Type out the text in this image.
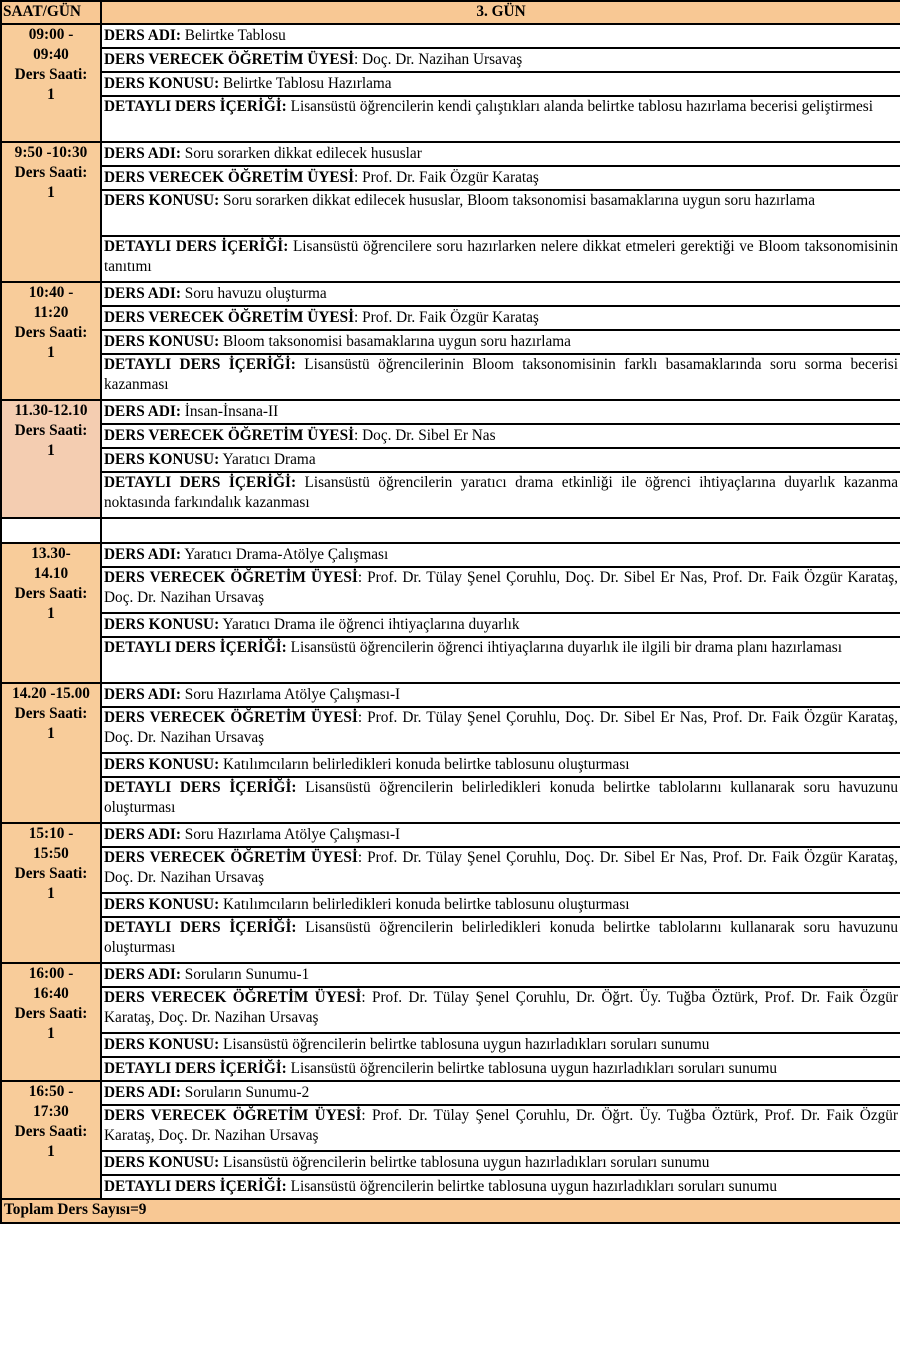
SAAT/GÜN	3. GÜN

09:00 -
09:40
Ders Saati:
1	DERS ADI: Belirtke Tablosu
	DERS VERECEK ÖĞRETİM ÜYESİ: Doç. Dr. Nazihan Ursavaş
	DERS KONUSU: Belirtke Tablosu Hazırlama
	DETAYLI DERS İÇERİĞİ: Lisansüstü öğrencilerin kendi çalıştıkları alanda belirtke tablosu hazırlama becerisi geliştirmesi

9:50 -10:30
Ders Saati:
1	DERS ADI: Soru sorarken dikkat edilecek hususlar
	DERS VERECEK ÖĞRETİM ÜYESİ: Prof. Dr. Faik Özgür Karataş
	DERS KONUSU: Soru sorarken dikkat edilecek hususlar, Bloom taksonomisi basamaklarına uygun soru hazırlama
	DETAYLI DERS İÇERİĞİ: Lisansüstü öğrencilere soru hazırlarken nelere dikkat etmeleri gerektiği ve Bloom taksonomisinin tanıtımı

10:40 -
11:20
Ders Saati:
1	DERS ADI: Soru havuzu oluşturma
	DERS VERECEK ÖĞRETİM ÜYESİ: Prof. Dr. Faik Özgür Karataş
	DERS KONUSU: Bloom taksonomisi basamaklarına uygun soru hazırlama
	DETAYLI DERS İÇERİĞİ: Lisansüstü öğrencilerinin Bloom taksonomisinin farklı basamaklarında soru sorma becerisi kazanması

11.30-12.10
Ders Saati:
1	DERS ADI: İnsan-İnsana-II
	DERS VERECEK ÖĞRETİM ÜYESİ: Doç. Dr. Sibel Er Nas
	DERS KONUSU: Yaratıcı Drama
	DETAYLI DERS İÇERİĞİ: Lisansüstü öğrencilerin yaratıcı drama etkinliği ile öğrenci ihtiyaçlarına duyarlık kazanma noktasında farkındalık kazanması

13.30-
14.10
Ders Saati:
1	DERS ADI: Yaratıcı Drama-Atölye Çalışması
	DERS VERECEK ÖĞRETİM ÜYESİ: Prof. Dr. Tülay Şenel Çoruhlu, Doç. Dr. Sibel Er Nas, Prof. Dr. Faik Özgür Karataş, Doç. Dr. Nazihan Ursavaş
	DERS KONUSU: Yaratıcı Drama ile öğrenci ihtiyaçlarına duyarlık
	DETAYLI DERS İÇERİĞİ: Lisansüstü öğrencilerin öğrenci ihtiyaçlarına duyarlık ile ilgili bir drama planı hazırlaması

14.20 -15.00
Ders Saati:
1	DERS ADI: Soru Hazırlama Atölye Çalışması-I
	DERS VERECEK ÖĞRETİM ÜYESİ: Prof. Dr. Tülay Şenel Çoruhlu, Doç. Dr. Sibel Er Nas, Prof. Dr. Faik Özgür Karataş, Doç. Dr. Nazihan Ursavaş
	DERS KONUSU: Katılımcıların belirledikleri konuda belirtke tablosunu oluşturması
	DETAYLI DERS İÇERİĞİ: Lisansüstü öğrencilerin belirledikleri konuda belirtke tablolarını kullanarak soru havuzunu oluşturması

15:10 -
15:50
Ders Saati:
1	DERS ADI: Soru Hazırlama Atölye Çalışması-I
	DERS VERECEK ÖĞRETİM ÜYESİ: Prof. Dr. Tülay Şenel Çoruhlu, Doç. Dr. Sibel Er Nas, Prof. Dr. Faik Özgür Karataş, Doç. Dr. Nazihan Ursavaş
	DERS KONUSU: Katılımcıların belirledikleri konuda belirtke tablosunu oluşturması
	DETAYLI DERS İÇERİĞİ: Lisansüstü öğrencilerin belirledikleri konuda belirtke tablolarını kullanarak soru havuzunu oluşturması

16:00 -
16:40
Ders Saati:
1	DERS ADI: Soruların Sunumu-1
	DERS VERECEK ÖĞRETİM ÜYESİ: Prof. Dr. Tülay Şenel Çoruhlu, Dr. Öğrt. Üy. Tuğba Öztürk, Prof. Dr. Faik Özgür Karataş, Doç. Dr. Nazihan Ursavaş
	DERS KONUSU: Lisansüstü öğrencilerin belirtke tablosuna uygun hazırladıkları soruları sunumu
	DETAYLI DERS İÇERİĞİ: Lisansüstü öğrencilerin belirtke tablosuna uygun hazırladıkları soruları sunumu

16:50 -
17:30
Ders Saati:
1	DERS ADI: Soruların Sunumu-2
	DERS VERECEK ÖĞRETİM ÜYESİ: Prof. Dr. Tülay Şenel Çoruhlu, Dr. Öğrt. Üy. Tuğba Öztürk, Prof. Dr. Faik Özgür Karataş, Doç. Dr. Nazihan Ursavaş
	DERS KONUSU: Lisansüstü öğrencilerin belirtke tablosuna uygun hazırladıkları soruları sunumu
	DETAYLI DERS İÇERİĞİ: Lisansüstü öğrencilerin belirtke tablosuna uygun hazırladıkları soruları sunumu
Toplam Ders Sayısı=9	
